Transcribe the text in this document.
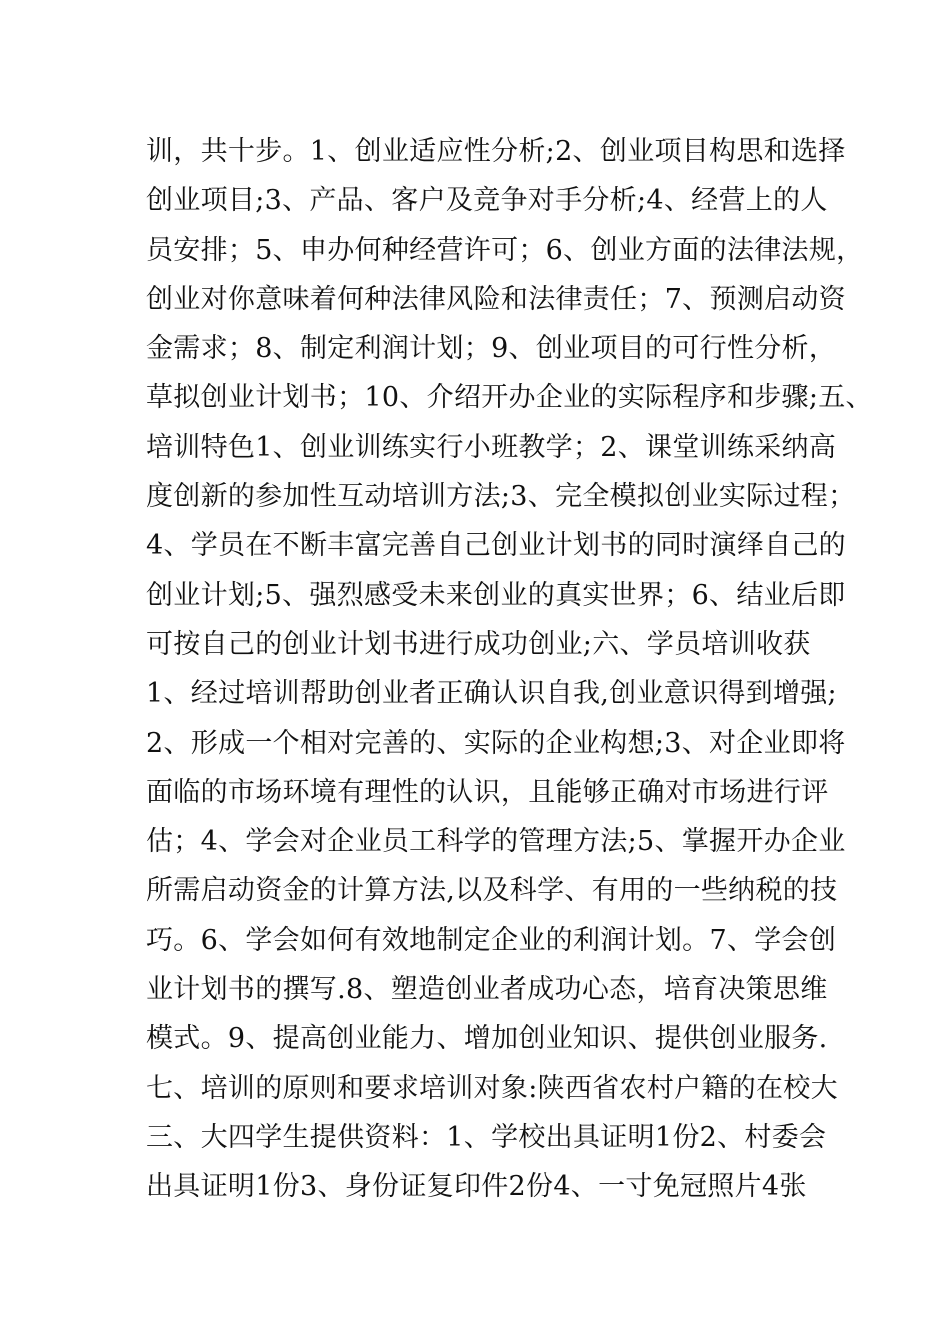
训，共十步。1、创业适应性分析;2、创业项目构思和选择
创业项目;3、产品、客户及竞争对手分析;4、经营上的人
员安排；5、申办何种经营许可；6、创业方面的法律法规，
创业对你意味着何种法律风险和法律责任；7、预测启动资
金需求；8、制定利润计划；9、创业项目的可行性分析，
草拟创业计划书；10、介绍开办企业的实际程序和步骤;五、
培训特色1、创业训练实行小班教学；2、课堂训练采纳高
度创新的参加性互动培训方法;3、完全模拟创业实际过程；
4、学员在不断丰富完善自己创业计划书的同时演绎自己的
创业计划;5、强烈感受未来创业的真实世界；6、结业后即
可按自己的创业计划书进行成功创业;六、学员培训收获
1、经过培训帮助创业者正确认识自我,创业意识得到增强;
2、形成一个相对完善的、实际的企业构想;3、对企业即将
面临的市场环境有理性的认识，且能够正确对市场进行评
估；4、学会对企业员工科学的管理方法;5、掌握开办企业
所需启动资金的计算方法,以及科学、有用的一些纳税的技
巧。6、学会如何有效地制定企业的利润计划。7、学会创
业计划书的撰写.8、塑造创业者成功心态，培育决策思维
模式。9、提高创业能力、增加创业知识、提供创业服务.
七、培训的原则和要求培训对象:陕西省农村户籍的在校大
三、大四学生提供资料：1、学校出具证明1份2、村委会
出具证明1份3、身份证复印件2份4、一寸免冠照片4张
